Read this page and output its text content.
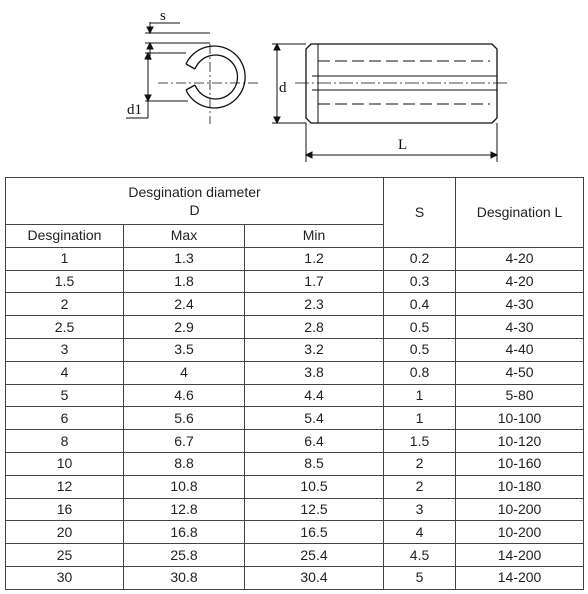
s
d1
d
L
Desgination diameter
D			S	Desgination L
Desgination	Max	Min		
1	1.3	1.2	0.2	4-20
1.5	1.8	1.7	0.3	4-20
2	2.4	2.3	0.4	4-30
2.5	2.9	2.8	0.5	4-30
3	3.5	3.2	0.5	4-40
4	4	3.8	0.8	4-50
5	4.6	4.4	1	5-80
6	5.6	5.4	1	10-100
8	6.7	6.4	1.5	10-120
10	8.8	8.5	2	10-160
12	10.8	10.5	2	10-180
16	12.8	12.5	3	10-200
20	16.8	16.5	4	10-200
25	25.8	25.4	4.5	14-200
30	30.8	30.4	5	14-200
